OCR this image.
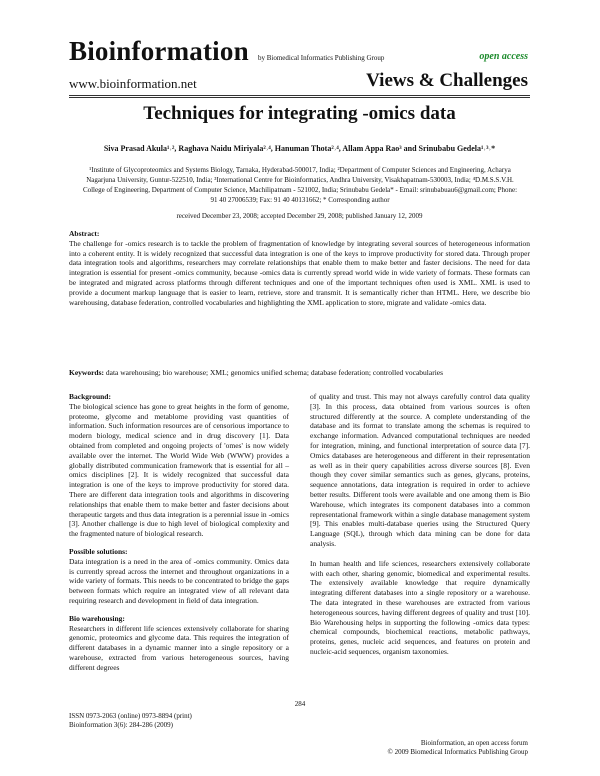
Bioinformation by Biomedical Informatics Publishing Group	open access
www.bioinformation.net	Views & Challenges
Techniques for integrating -omics data
Siva Prasad Akula¹˒², Raghava Naidu Miriyala²˒⁴, Hanuman Thota²˒⁴, Allam Appa Rao³ and Srinubabu Gedela¹˒³˒*
¹Institute of Glycoproteomics and Systems Biology, Tarnaka, Hyderabad-500017, India; ²Department of Computer Sciences and Engineering, Acharya Nagarjuna University, Guntur-522510, India; ³International Centre for Bioinformatics, Andhra University, Visakhapatnam-530003, India; ⁴D.M.S.S.V.H. College of Engineering, Department of Computer Science, Machilipatnam - 521002, India; Srinubabu Gedela* - Email: srinubabuau6@gmail.com; Phone: 91 40 27006539; Fax: 91 40 40131662; * Corresponding author
received December 23, 2008; accepted December 29, 2008; published January 12, 2009
Abstract:
The challenge for -omics research is to tackle the problem of fragmentation of knowledge by integrating several sources of heterogeneous information into a coherent entity. It is widely recognized that successful data integration is one of the keys to improve productivity for stored data. Through proper data integration tools and algorithms, researchers may correlate relationships that enable them to make better and faster decisions. The need for data integration is essential for present -omics community, because -omics data is currently spread world wide in wide variety of formats. These formats can be integrated and migrated across platforms through different techniques and one of the important techniques often used is XML. XML is used to provide a document markup language that is easier to learn, retrieve, store and transmit. It is semantically richer than HTML. Here, we describe bio warehousing, database federation, controlled vocabularies and highlighting the XML application to store, migrate and validate -omics data.
Keywords: data warehousing; bio warehouse; XML; genomics unified schema; database federation; controlled vocabularies
Background:

The biological science has gone to great heights in the form of genome, proteome, glycome and metablome providing vast quantities of information. Such information resources are of censorious importance to modern biology, medical science and in drug discovery [1]. Data obtained from completed and ongoing projects of 'omes' is now widely available over the internet. The World Wide Web (WWW) provides a globally distributed communication framework that is essential for all –omics disciplines [2]. It is widely recognized that successful data integration is one of the keys to improve productivity for stored data. There are different data integration tools and algorithms in discovering relationships that enable them to make better and faster decisions about therapeutic targets and thus data integration is a perennial issue in -omics [3]. Another challenge is due to high level of biological complexity and the fragmented nature of biological research.

Possible solutions:

Data integration is a need in the area of -omics community. Omics data is currently spread across the internet and throughout organizations in a wide variety of formats. This needs to be concentrated to bridge the gaps between formats which require an integrated view of all relevant data requiring research and development in field of data integration.

Bio warehousing:

Researchers in different life sciences extensively collaborate for sharing genomic, proteomics and glycome data. This requires the integration of different databases in a dynamic manner into a single repository or a warehouse, extracted from various heterogeneous sources, having different degrees

of quality and trust. This may not always carefully control data quality [3]. In this process, data obtained from various sources is often structured differently at the source. A complete understanding of the database and its format to translate among the schemas is required to exchange information. Advanced computational techniques are needed for integration, mining, and functional interpretation of source data [7]. Omics databases are heterogeneous and different in their representation as well as in their query capabilities across diverse sources [8]. Even though they cover similar semantics such as genes, glycans, proteins, sequence annotations, data integration is required in order to achieve better results. Different tools were available and one among them is Bio Warehouse, which integrates its component databases into a common representational framework within a single database management system [9]. This enables multi-database queries using the Structured Query Language (SQL), through which data mining can be done for data analysis.

In human health and life sciences, researchers extensively collaborate with each other, sharing genomic, biomedical and experimental results. The extensively available knowledge that require dynamically integrating different databases into a single repository or a warehouse. The data integrated in these warehouses are extracted from various heterogeneous sources, having different degrees of quality and trust [10]. Bio Warehousing helps in supporting the following -omics data types: chemical compounds, biochemical reactions, metabolic pathways, proteins, genes, nucleic acid sequences, and features on protein and nucleic-acid sequences, organism taxonomies.

284
ISSN 0973-2063 (online) 0973-8894 (print)
Bioinformation 3(6): 284-286 (2009)
Bioinformation, an open access forum
© 2009 Biomedical Informatics Publishing Group
